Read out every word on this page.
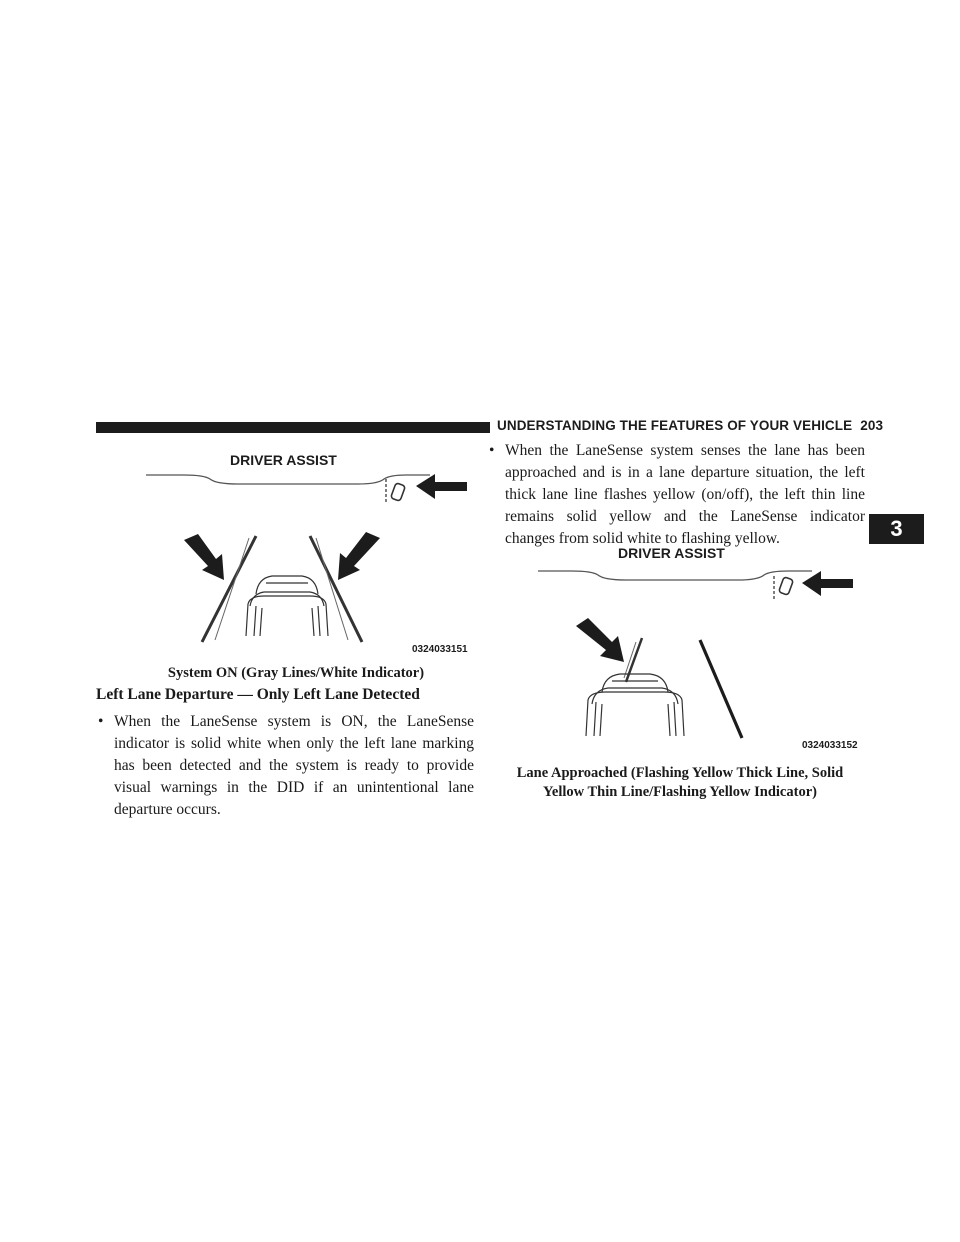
UNDERSTANDING THE FEATURES OF YOUR VEHICLE 203
3
DRIVER ASSIST
0324033151
System ON (Gray Lines/White Indicator)
Left Lane Departure — Only Left Lane Detected
• When the LaneSense system is ON, the LaneSense indicator is solid white when only the left lane marking has been detected and the system is ready to provide visual warnings in the DID if an unintentional lane departure occurs.
• When the LaneSense system senses the lane has been approached and is in a lane departure situation, the left thick lane line flashes yellow (on/off), the left thin line remains solid yellow and the LaneSense indicator changes from solid white to flashing yellow.
DRIVER ASSIST
0324033152
Lane Approached (Flashing Yellow Thick Line, Solid
Yellow Thin Line/Flashing Yellow Indicator)
